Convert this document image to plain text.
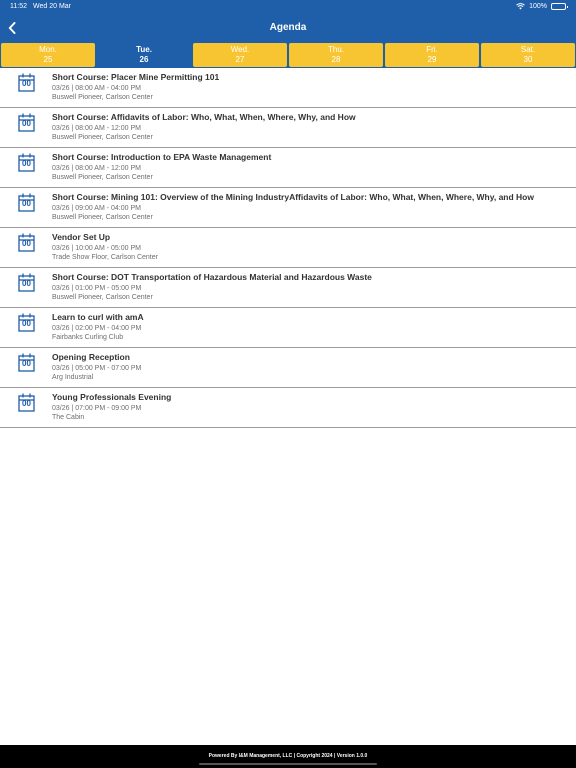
11:52 Wed 20 Mar	100%
Agenda
Mon.
25
Tue.
26
Wed.
27
Thu.
28
Fri.
29
Sat.
30
00
Short Course: Placer Mine Permitting 101
03/26 | 08:00 AM - 04:00 PM
Buswell Pioneer, Carlson Center
00
Short Course: Affidavits of Labor: Who, What, When, Where, Why, and How
03/26 | 08:00 AM - 12:00 PM
Buswell Pioneer, Carlson Center
00
Short Course: Introduction to EPA Waste Management
03/26 | 08:00 AM - 12:00 PM
Buswell Pioneer, Carlson Center
00
Short Course: Mining 101: Overview of the Mining IndustryAffidavits of Labor: Who, What, When, Where, Why, and How
03/26 | 09:00 AM - 04:00 PM
Buswell Pioneer, Carlson Center
00
Vendor Set Up
03/26 | 10:00 AM - 05:00 PM
Trade Show Floor, Carlson Center
00
Short Course: DOT Transportation of Hazardous Material and Hazardous Waste
03/26 | 01:00 PM - 05:00 PM
Buswell Pioneer, Carlson Center
00
Learn to curl with amA
03/26 | 02:00 PM - 04:00 PM
Fairbanks Curling Club
00
Opening Reception
03/26 | 05:00 PM - 07:00 PM
Arg Industrial
00
Young Professionals Evening
03/26 | 07:00 PM - 09:00 PM
The Cabin
Powered By I&M Management, LLC | Copyright 2024 | Version 1.0.0
